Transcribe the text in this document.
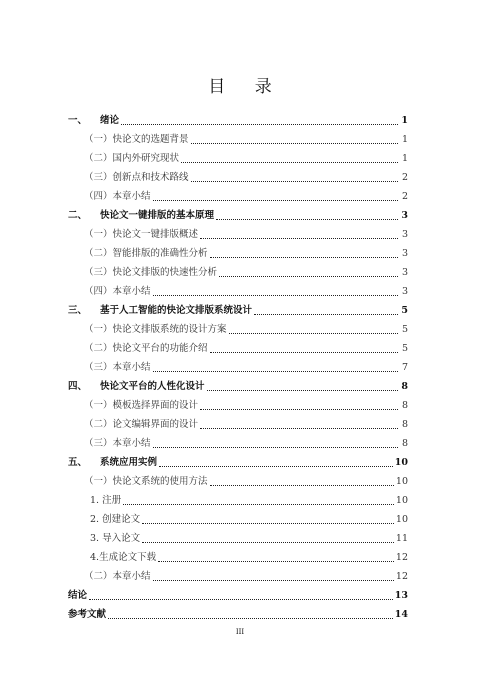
目 录
一、 绪论	1
（一）快论文的选题背景	1
（二）国内外研究现状	1
（三）创新点和技术路线	2
（四）本章小结	2
二、 快论文一键排版的基本原理	3
（一）快论文一键排版概述	3
（二）智能排版的准确性分析	3
（三）快论文排版的快速性分析	3
（四）本章小结	3
三、 基于人工智能的快论文排版系统设计	5
（一）快论文排版系统的设计方案	5
（二）快论文平台的功能介绍	5
（三）本章小结	7
四、 快论文平台的人性化设计	8
（一）模板选择界面的设计	8
（二）论文编辑界面的设计	8
（三）本章小结	8
五、 系统应用实例	10
（一）快论文系统的使用方法	10
1. 注册	10
2. 创建论文	10
3. 导入论文	11
4.生成论文下载	12
（二）本章小结	12
结论	13
参考文献	14
III
